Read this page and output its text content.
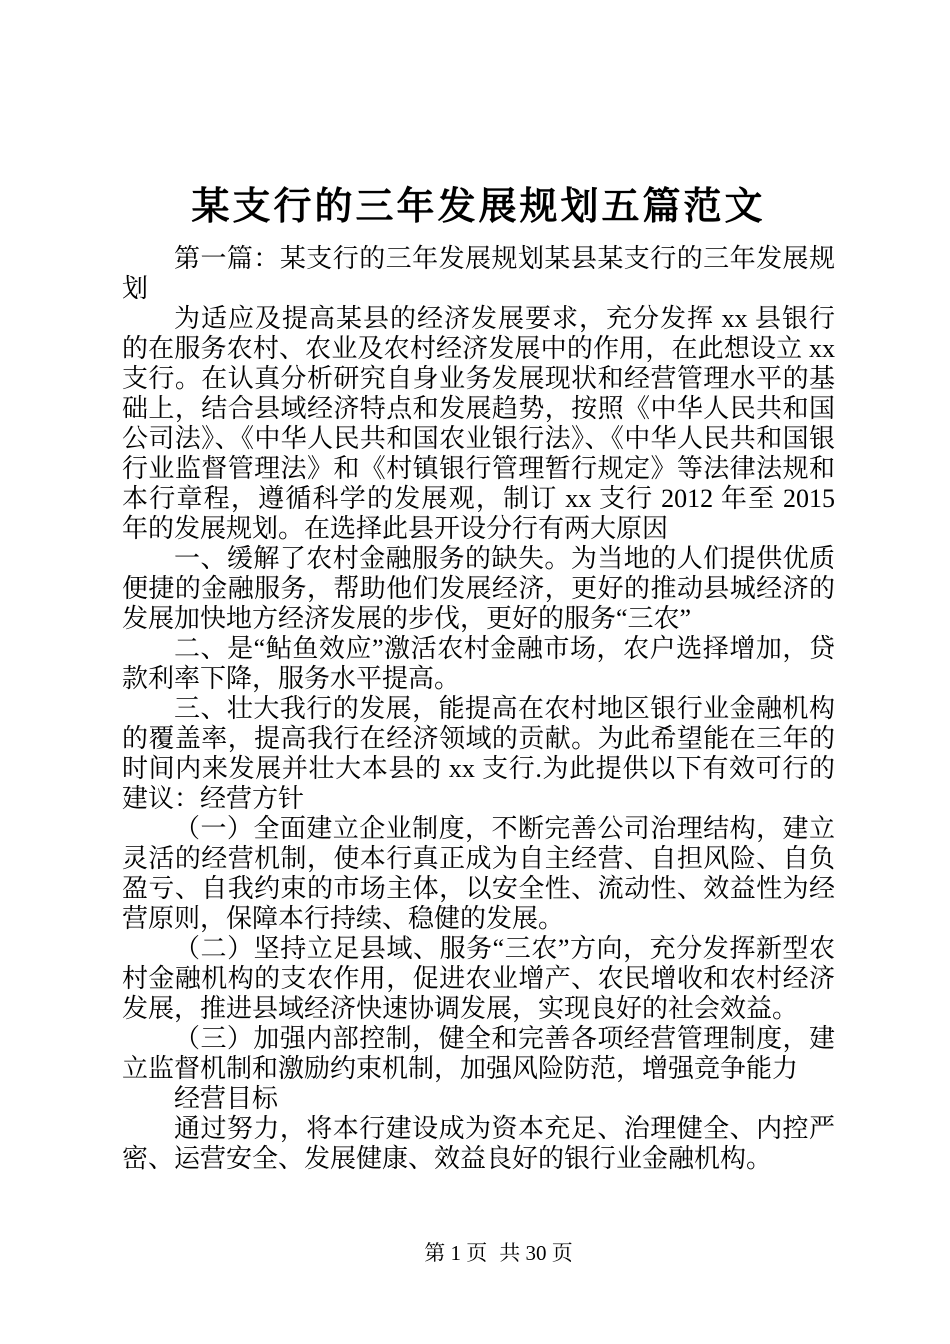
某支行的三年发展规划五篇范文

第一篇：某支行的三年发展规划某县某支行的三年发展规划

为适应及提高某县的经济发展要求，充分发挥 xx 县银行的在服务农村、农业及农村经济发展中的作用，在此想设立 xx 支行。在认真分析研究自身业务发展现状和经营管理水平的基础上，结合县域经济特点和发展趋势，按照《中华人民共和国公司法》、《中华人民共和国农业银行法》、《中华人民共和国银行业监督管理法》和《村镇银行管理暂行规定》等法律法规和本行章程，遵循科学的发展观，制订 xx 支行 2012 年至 2015 年的发展规划。在选择此县开设分行有两大原因

一、缓解了农村金融服务的缺失。为当地的人们提供优质便捷的金融服务，帮助他们发展经济，更好的推动县城经济的发展加快地方经济发展的步伐，更好的服务“三农”

二、是“鲇鱼效应”激活农村金融市场，农户选择增加，贷款利率下降，服务水平提高。

三、壮大我行的发展，能提高在农村地区银行业金融机构的覆盖率，提高我行在经济领域的贡献。为此希望能在三年的时间内来发展并壮大本县的 xx 支行.为此提供以下有效可行的建议：经营方针

（一）全面建立企业制度，不断完善公司治理结构，建立灵活的经营机制，使本行真正成为自主经营、自担风险、自负盈亏、自我约束的市场主体，以安全性、流动性、效益性为经营原则，保障本行持续、稳健的发展。

（二）坚持立足县域、服务“三农”方向，充分发挥新型农村金融机构的支农作用，促进农业增产、农民增收和农村经济发展，推进县域经济快速协调发展，实现良好的社会效益。

（三）加强内部控制，健全和完善各项经营管理制度，建立监督机制和激励约束机制，加强风险防范，增强竞争能力

经营目标

通过努力，将本行建设成为资本充足、治理健全、内控严密、运营安全、发展健康、效益良好的银行业金融机构。

第 1 页 共 30 页
